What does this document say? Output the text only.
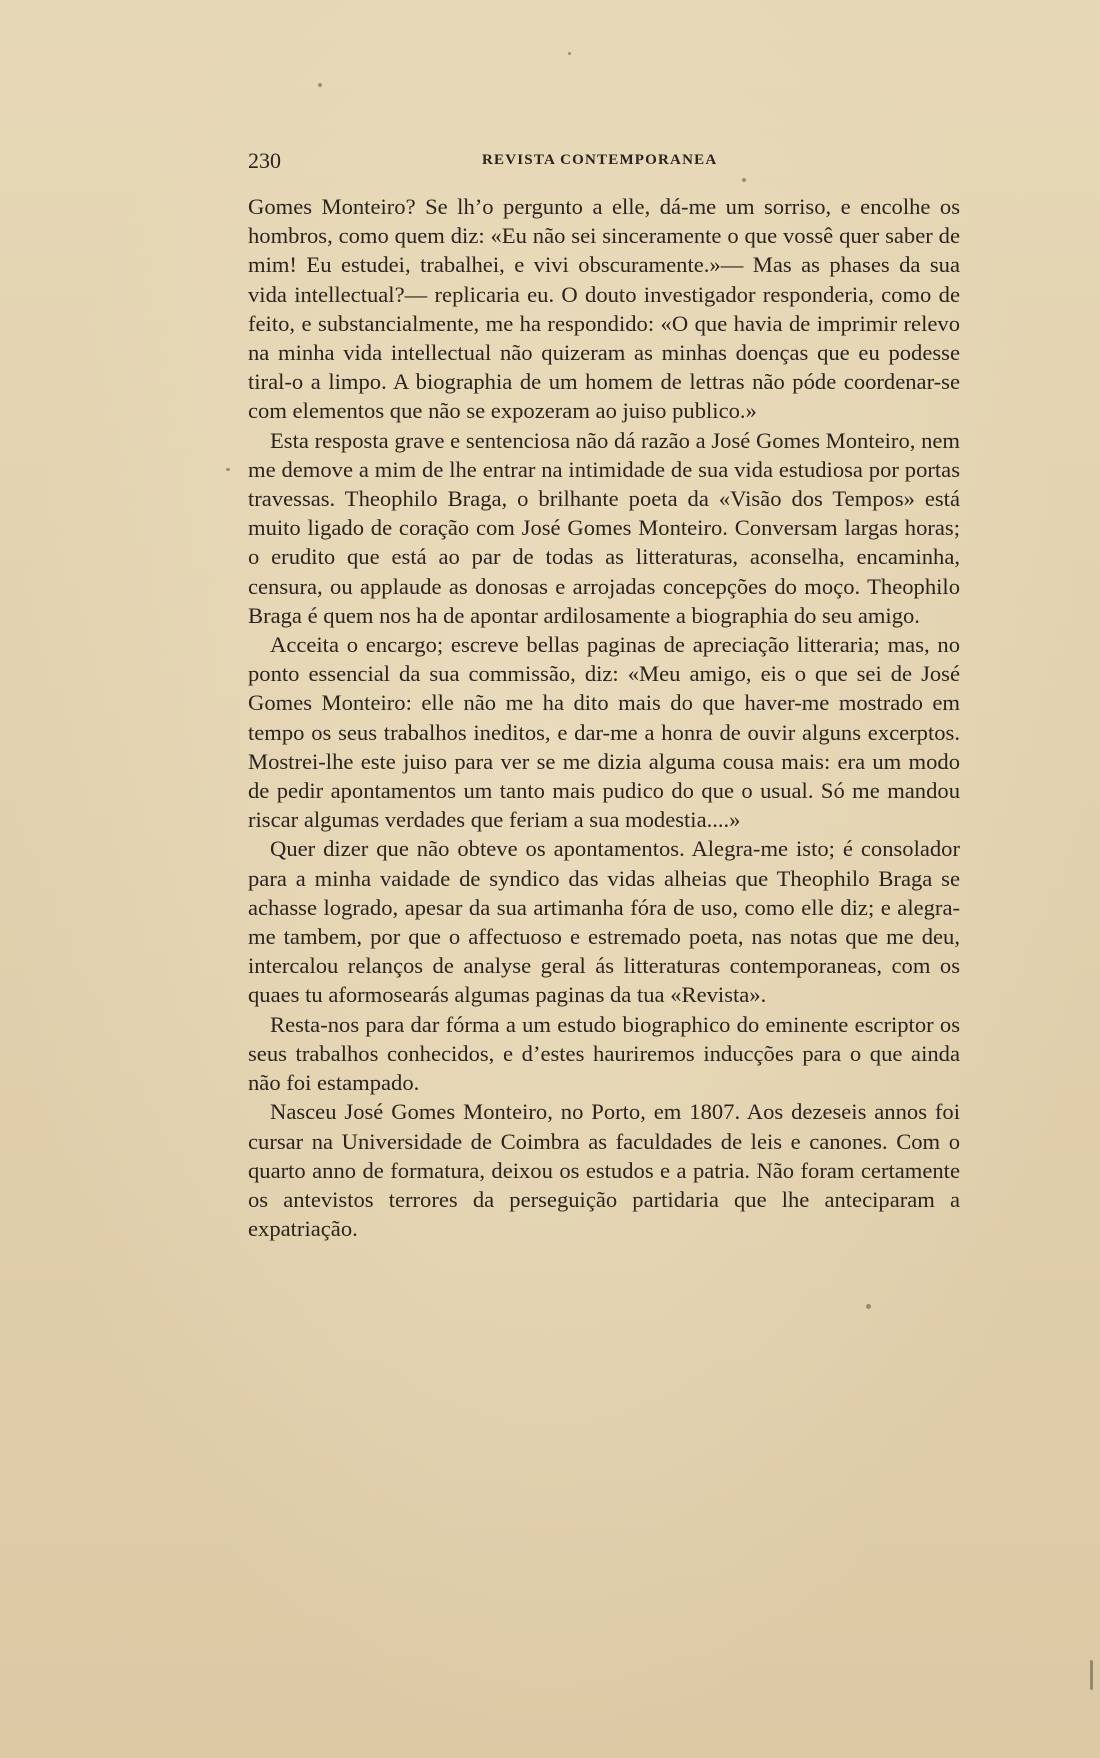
230	REVISTA CONTEMPORANEA

Gomes Monteiro? Se lh’o pergunto a elle, dá-me um sorriso, e encolhe os hombros, como quem diz: «Eu não sei sinceramente o que vossê quer saber de mim! Eu estudei, trabalhei, e vivi obscuramente.»— Mas as phases da sua vida intellectual?— replicaria eu. O douto investigador responderia, como de feito, e substancialmente, me ha respondido: «O que havia de imprimir relevo na minha vida intellectual não quizeram as minhas doenças que eu podesse tiral-o a limpo. A biographia de um homem de lettras não póde coordenar-se com elementos que não se expozeram ao juiso publico.»

Esta resposta grave e sentenciosa não dá razão a José Gomes Monteiro, nem me demove a mim de lhe entrar na intimidade de sua vida estudiosa por portas travessas. Theophilo Braga, o brilhante poeta da «Visão dos Tempos» está muito ligado de coração com José Gomes Monteiro. Conversam largas horas; o erudito que está ao par de todas as litteraturas, aconselha, encaminha, censura, ou applaude as donosas e arrojadas concepções do moço. Theophilo Braga é quem nos ha de apontar ardilosamente a biographia do seu amigo.

Acceita o encargo; escreve bellas paginas de apreciação litteraria; mas, no ponto essencial da sua commissão, diz: «Meu amigo, eis o que sei de José Gomes Monteiro: elle não me ha dito mais do que haver-me mostrado em tempo os seus trabalhos ineditos, e dar-me a honra de ouvir alguns excerptos. Mostrei-lhe este juiso para ver se me dizia alguma cousa mais: era um modo de pedir apontamentos um tanto mais pudico do que o usual. Só me mandou riscar algumas verdades que feriam a sua modestia....»

Quer dizer que não obteve os apontamentos. Alegra-me isto; é consolador para a minha vaidade de syndico das vidas alheias que Theophilo Braga se achasse logrado, apesar da sua artimanha fóra de uso, como elle diz; e alegra-me tambem, por que o affectuoso e estremado poeta, nas notas que me deu, intercalou relanços de analyse geral ás litteraturas contemporaneas, com os quaes tu aformosearás algumas paginas da tua «Revista».

Resta-nos para dar fórma a um estudo biographico do eminente escriptor os seus trabalhos conhecidos, e d’estes hauriremos inducções para o que ainda não foi estampado.

Nasceu José Gomes Monteiro, no Porto, em 1807. Aos dezeseis annos foi cursar na Universidade de Coimbra as faculdades de leis e canones. Com o quarto anno de formatura, deixou os estudos e a patria. Não foram certamente os antevistos terrores da perseguição partidaria que lhe anteciparam a expatriação.
